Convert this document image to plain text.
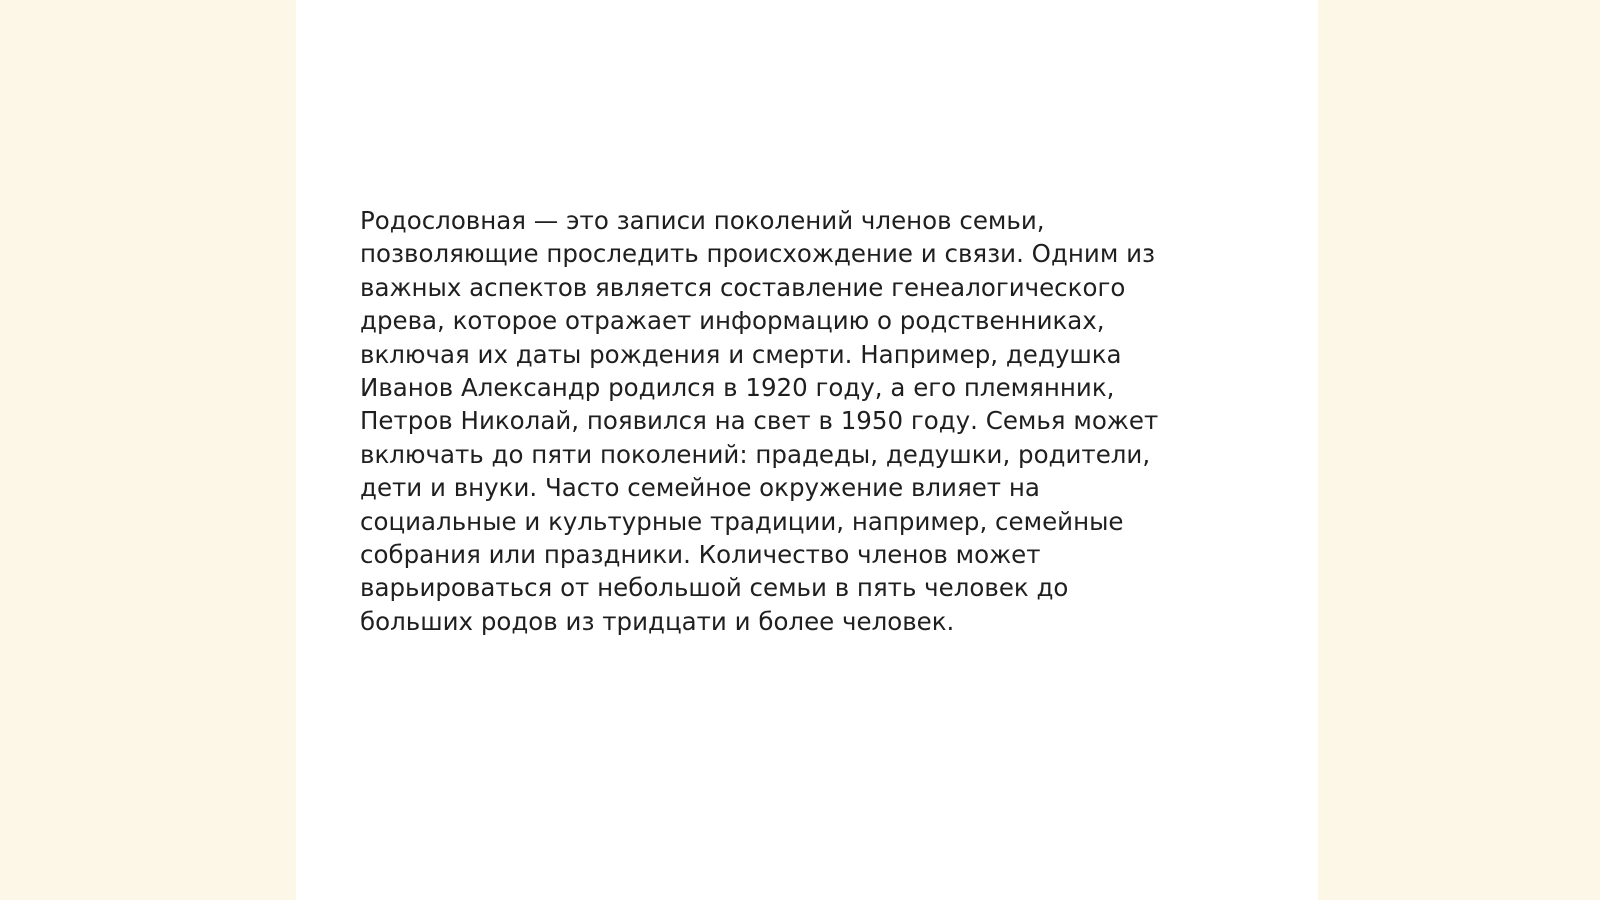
Родословная — это записи поколений членов семьи,
позволяющие проследить происхождение и связи. Одним из
важных аспектов является составление генеалогического
древа, которое отражает информацию о родственниках,
включая их даты рождения и смерти. Например, дедушка
Иванов Александр родился в 1920 году, а его племянник,
Петров Николай, появился на свет в 1950 году. Семья может
включать до пяти поколений: прадеды, дедушки, родители,
дети и внуки. Часто семейное окружение влияет на
социальные и культурные традиции, например, семейные
собрания или праздники. Количество членов может
варьироваться от небольшой семьи в пять человек до
больших родов из тридцати и более человек.
